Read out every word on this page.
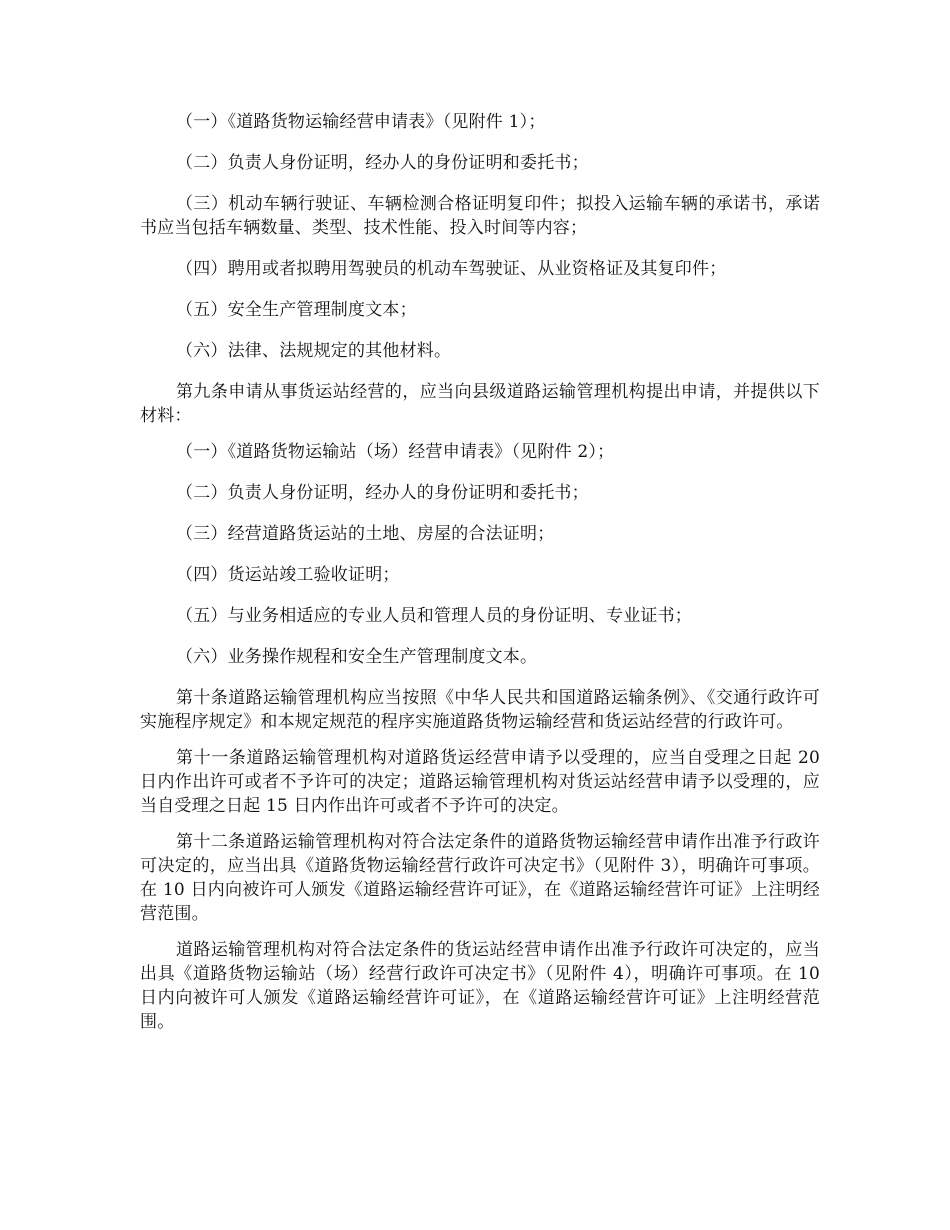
（一）《道路货物运输经营申请表》（见附件 1）；

（二）负责人身份证明，经办人的身份证明和委托书；

（三）机动车辆行驶证、车辆检测合格证明复印件；拟投入运输车辆的承诺书，承诺书应当包括车辆数量、类型、技术性能、投入时间等内容；

（四）聘用或者拟聘用驾驶员的机动车驾驶证、从业资格证及其复印件；

（五）安全生产管理制度文本；

（六）法律、法规规定的其他材料。

第九条申请从事货运站经营的，应当向县级道路运输管理机构提出申请，并提供以下材料：

（一）《道路货物运输站（场）经营申请表》（见附件 2）；

（二）负责人身份证明，经办人的身份证明和委托书；

（三）经营道路货运站的土地、房屋的合法证明；

（四）货运站竣工验收证明；

（五）与业务相适应的专业人员和管理人员的身份证明、专业证书；

（六）业务操作规程和安全生产管理制度文本。

第十条道路运输管理机构应当按照《中华人民共和国道路运输条例》、《交通行政许可实施程序规定》和本规定规范的程序实施道路货物运输经营和货运站经营的行政许可。

第十一条道路运输管理机构对道路货运经营申请予以受理的，应当自受理之日起 20 日内作出许可或者不予许可的决定；道路运输管理机构对货运站经营申请予以受理的，应当自受理之日起 15 日内作出许可或者不予许可的决定。

第十二条道路运输管理机构对符合法定条件的道路货物运输经营申请作出准予行政许可决定的，应当出具《道路货物运输经营行政许可决定书》（见附件 3），明确许可事项。在 10 日内向被许可人颁发《道路运输经营许可证》，在《道路运输经营许可证》上注明经营范围。

道路运输管理机构对符合法定条件的货运站经营申请作出准予行政许可决定的，应当出具《道路货物运输站（场）经营行政许可决定书》（见附件 4），明确许可事项。在 10 日内向被许可人颁发《道路运输经营许可证》，在《道路运输经营许可证》上注明经营范围。
